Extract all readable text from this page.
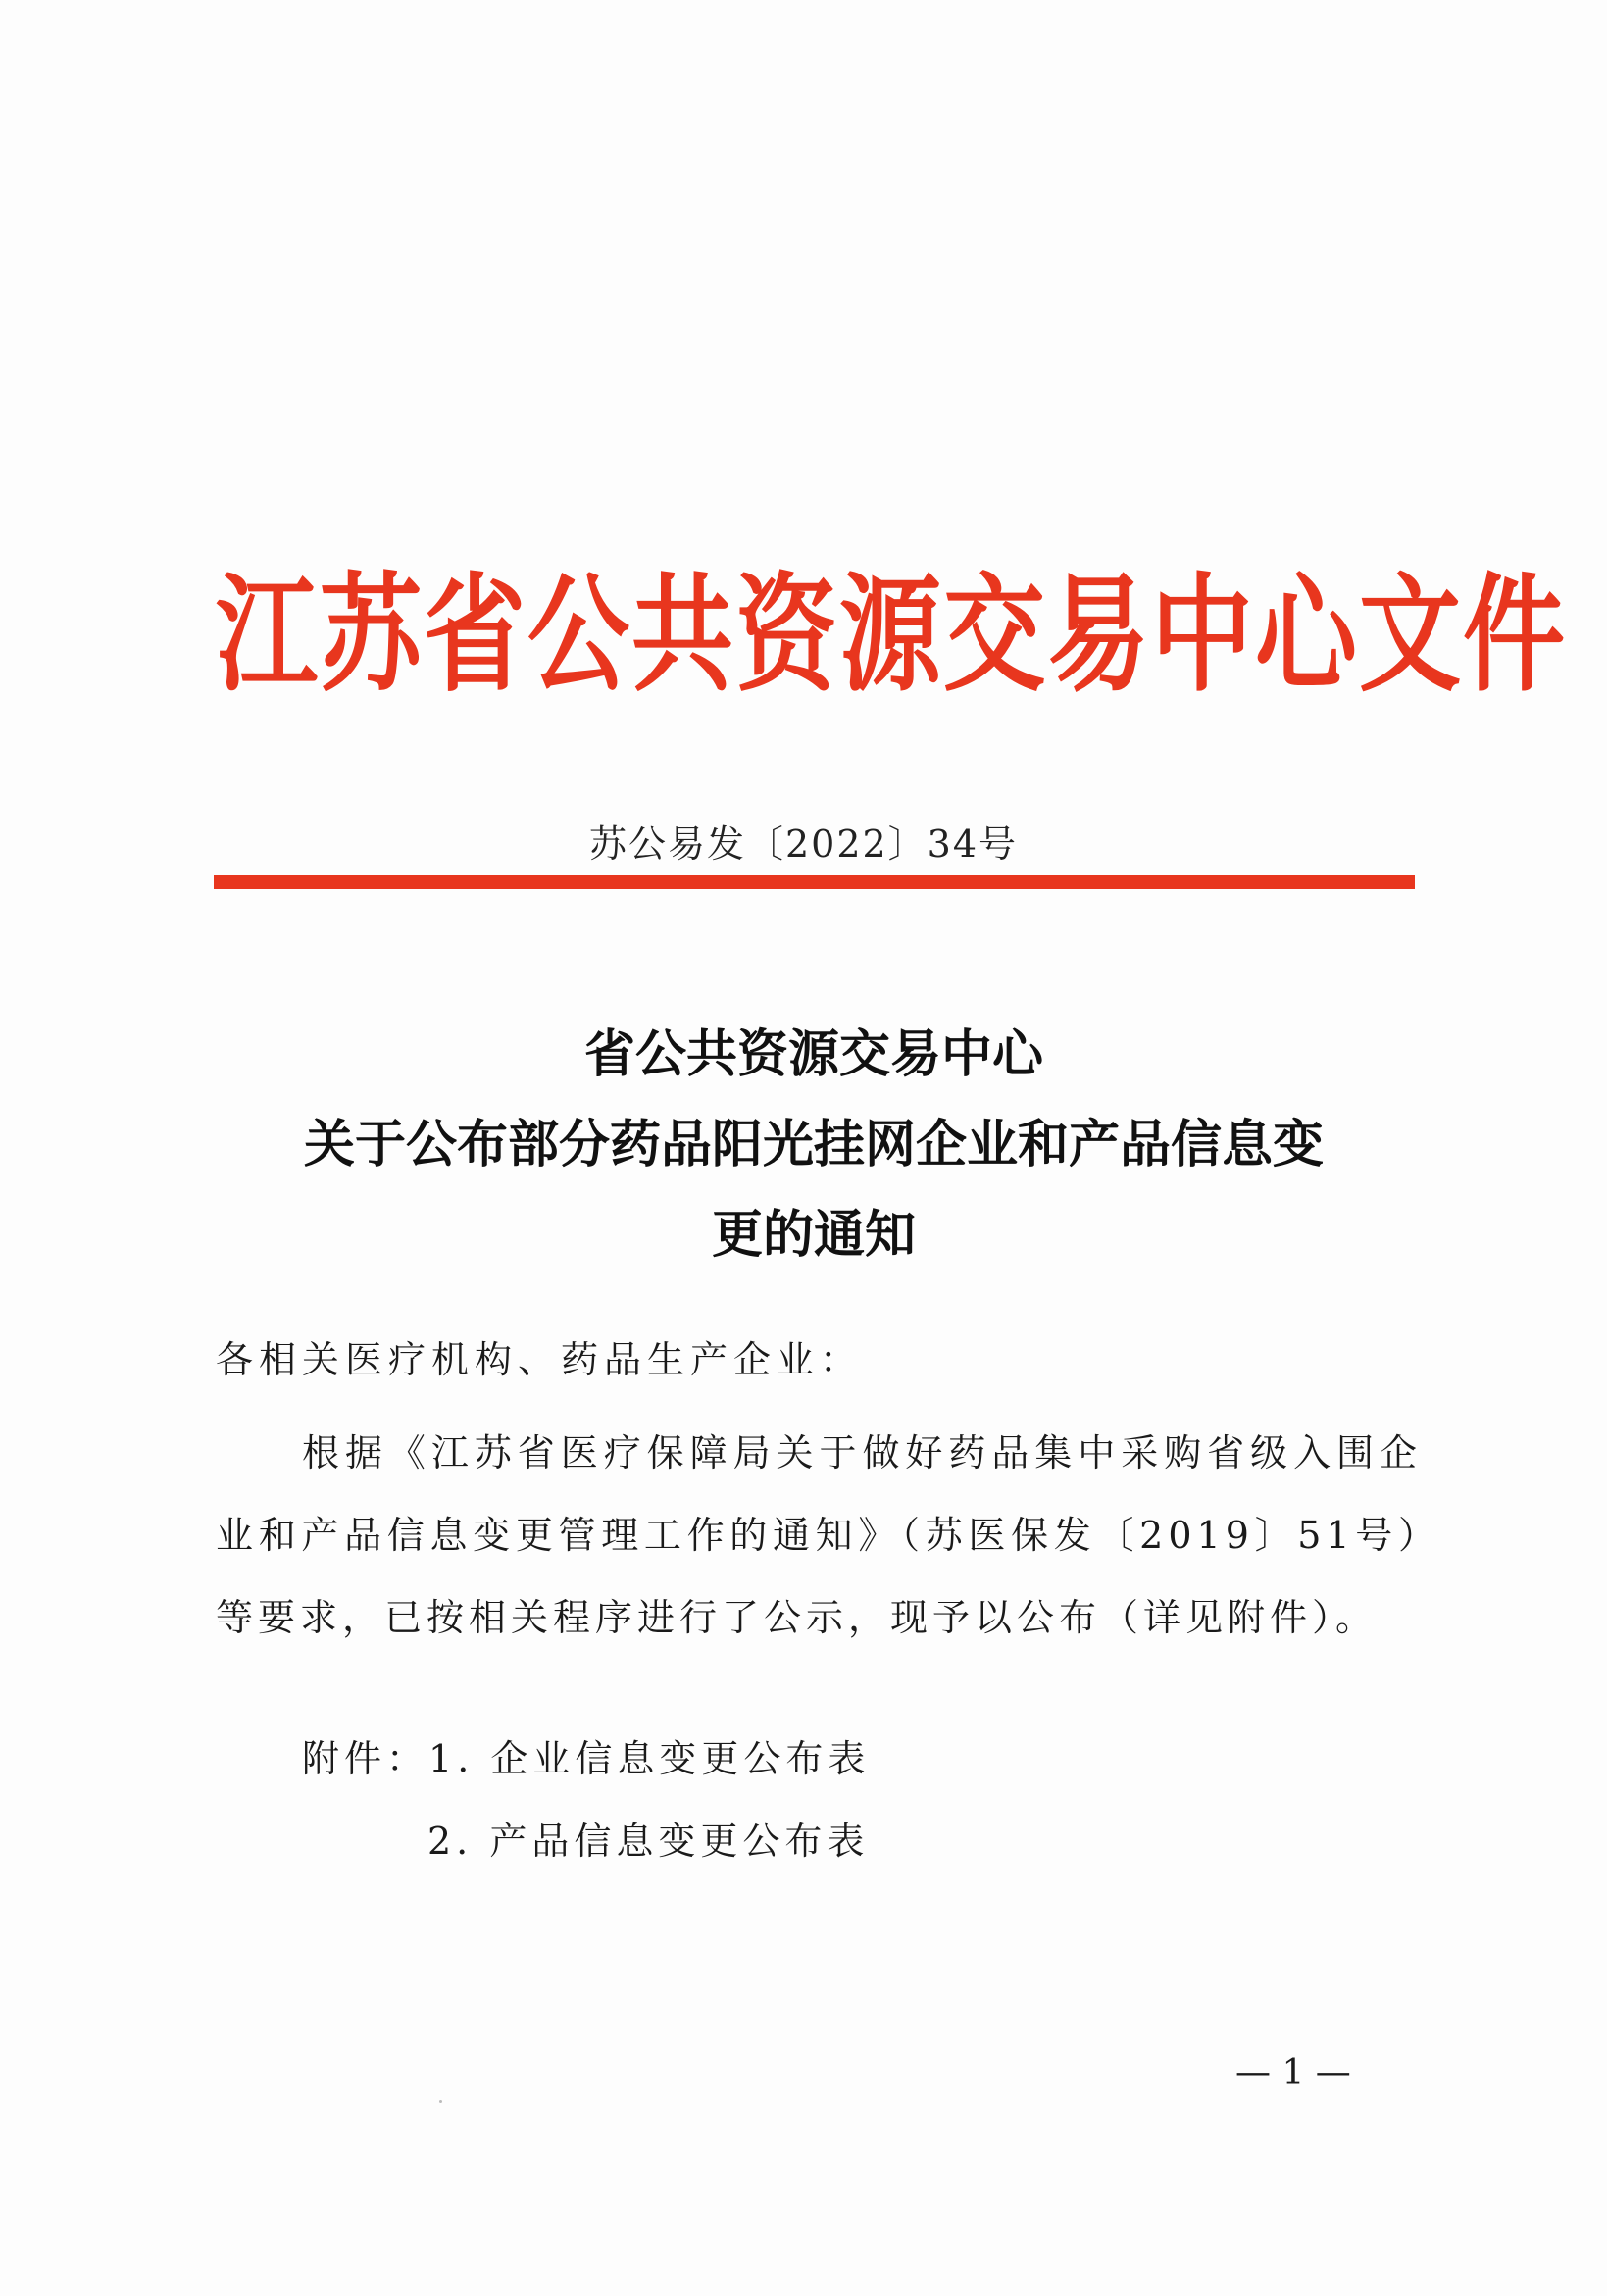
江苏省公共资源交易中心文件
苏公易发〔2022〕34号
省公共资源交易中心
关于公布部分药品阳光挂网企业和产品信息变
更的通知
各相关医疗机构、药品生产企业：
根据《江苏省医疗保障局关于做好药品集中采购省级入围企业和产品信息变更管理工作的通知》（苏医保发〔2019〕51号）等要求，已按相关程序进行了公示，现予以公布（详见附件）。
附件：1. 企业信息变更公布表
2. 产品信息变更公布表
— 1 —
